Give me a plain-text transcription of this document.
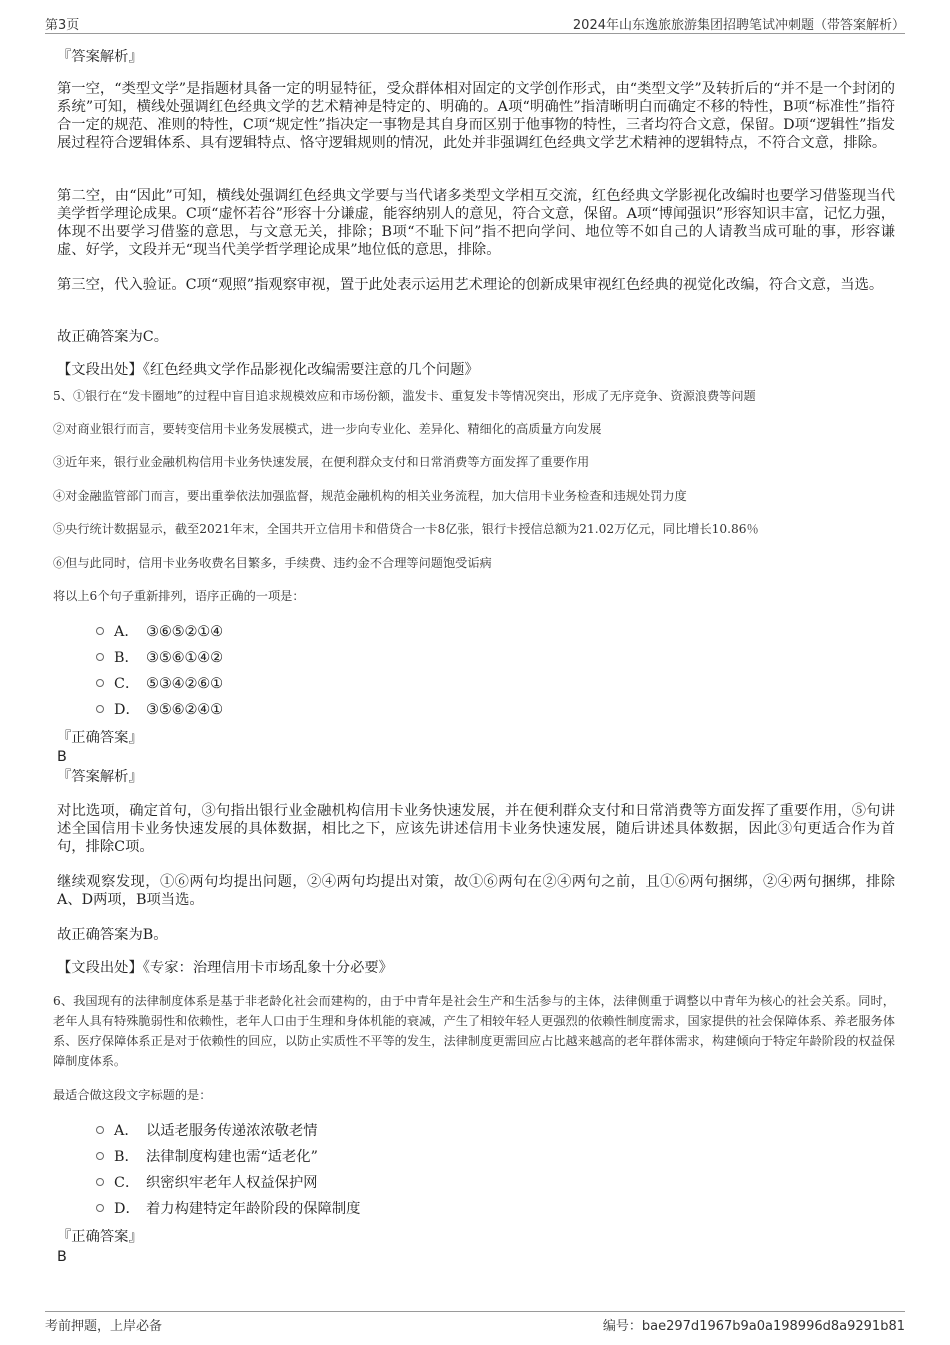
第3页	2024年山东逸旅旅游集团招聘笔试冲刺题（带答案解析）
『答案解析』

第一空，“类型文学”是指题材具备一定的明显特征，受众群体相对固定的文学创作形式，由“类型文学”及转折后的“并不是一个封闭的系统”可知，横线处强调红色经典文学的艺术精神是特定的、明确的。A项“明确性”指清晰明白而确定不移的特性，B项“标准性”指符合一定的规范、准则的特性，C项“规定性”指决定一事物是其自身而区别于他事物的特性，三者均符合文意，保留。D项“逻辑性”指发展过程符合逻辑体系、具有逻辑特点、恪守逻辑规则的情况，此处并非强调红色经典文学艺术精神的逻辑特点，不符合文意，排除。

第二空，由“因此”可知，横线处强调红色经典文学要与当代诸多类型文学相互交流，红色经典文学影视化改编时也要学习借鉴现当代美学哲学理论成果。C项“虚怀若谷”形容十分谦虚，能容纳别人的意见，符合文意，保留。A项“博闻强识”形容知识丰富，记忆力强，体现不出要学习借鉴的意思，与文意无关，排除；B项“不耻下问”指不把向学问、地位等不如自己的人请教当成可耻的事，形容谦虚、好学，文段并无“现当代美学哲学理论成果”地位低的意思，排除。

第三空，代入验证。C项“观照”指观察审视，置于此处表示运用艺术理论的创新成果审视红色经典的视觉化改编，符合文意，当选。

故正确答案为C。
【文段出处】《红色经典文学作品影视化改编需要注意的几个问题》

5、①银行在“发卡圈地”的过程中盲目追求规模效应和市场份额，滥发卡、重复发卡等情况突出，形成了无序竞争、资源浪费等问题

②对商业银行而言，要转变信用卡业务发展模式，进一步向专业化、差异化、精细化的高质量方向发展

③近年来，银行业金融机构信用卡业务快速发展，在便利群众支付和日常消费等方面发挥了重要作用

④对金融监管部门而言，要出重拳依法加强监督，规范金融机构的相关业务流程，加大信用卡业务检查和违规处罚力度

⑤央行统计数据显示，截至2021年末，全国共开立信用卡和借贷合一卡8亿张，银行卡授信总额为21.02万亿元，同比增长10.86％

⑥但与此同时，信用卡业务收费名目繁多，手续费、违约金不合理等问题饱受诟病

将以上6个句子重新排列，语序正确的一项是：

A． ③⑥⑤②①④
B． ③⑤⑥①④②
C． ⑤③④②⑥①
D． ③⑤⑥②④①
『正确答案』
B
『答案解析』

对比选项，确定首句，③句指出银行业金融机构信用卡业务快速发展，并在便利群众支付和日常消费等方面发挥了重要作用，⑤句讲述全国信用卡业务快速发展的具体数据，相比之下，应该先讲述信用卡业务快速发展，随后讲述具体数据，因此③句更适合作为首句，排除C项。

继续观察发现，①⑥两句均提出问题，②④两句均提出对策，故①⑥两句在②④两句之前，且①⑥两句捆绑，②④两句捆绑，排除A、D两项，B项当选。

故正确答案为B。
【文段出处】《专家：治理信用卡市场乱象十分必要》

6、我国现有的法律制度体系是基于非老龄化社会而建构的，由于中青年是社会生产和生活参与的主体，法律侧重于调整以中青年为核心的社会关系。同时，老年人具有特殊脆弱性和依赖性，老年人口由于生理和身体机能的衰减，产生了相较年轻人更强烈的依赖性制度需求，国家提供的社会保障体系、养老服务体系、医疗保障体系正是对于依赖性的回应，以防止实质性不平等的发生，法律制度更需回应占比越来越高的老年群体需求，构建倾向于特定年龄阶段的权益保障制度体系。

最适合做这段文字标题的是：

A． 以适老服务传递浓浓敬老情
B． 法律制度构建也需“适老化”
C． 织密织牢老年人权益保护网
D． 着力构建特定年龄阶段的保障制度
『正确答案』
B
考前押题，上岸必备	编号：bae297d1967b9a0a198996d8a9291b81
